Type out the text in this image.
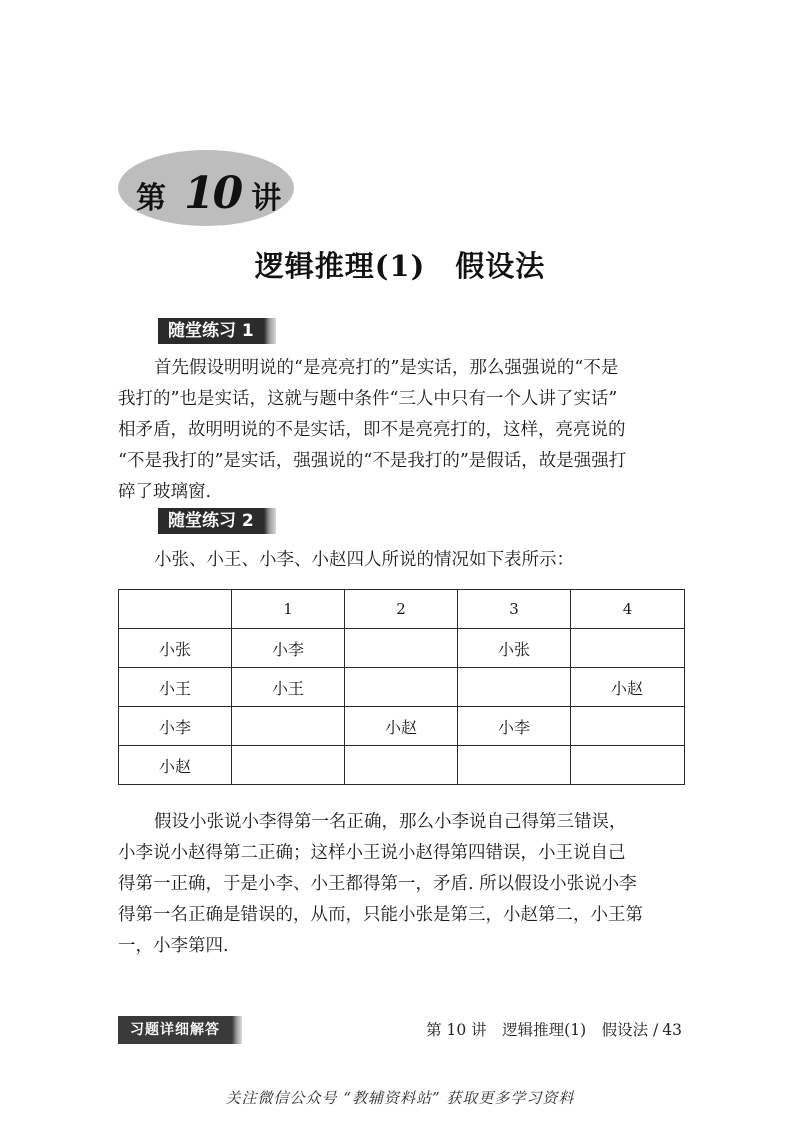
第 10 讲
逻辑推理(1)　假设法
随堂练习 1
首先假设明明说的“是亮亮打的”是实话，那么强强说的“不是
我打的”也是实话，这就与题中条件“三人中只有一个人讲了实话”
相矛盾，故明明说的不是实话，即不是亮亮打的，这样，亮亮说的
“不是我打的”是实话，强强说的“不是我打的”是假话，故是强强打
碎了玻璃窗.
随堂练习 2
小张、小王、小李、小赵四人所说的情况如下表所示：
	1	2	3	4
小张	小李		小张	
小王	小王			小赵
小李		小赵	小李	
小赵				
假设小张说小李得第一名正确，那么小李说自己得第三错误，
小李说小赵得第二正确；这样小王说小赵得第四错误，小王说自己
得第一正确，于是小李、小王都得第一，矛盾. 所以假设小张说小李
得第一名正确是错误的，从而，只能小张是第三，小赵第二，小王第
一，小李第四.
习题详细解答	第 10 讲　逻辑推理(1)　假设法 / 43
关注微信公众号 “教辅资料站” 获取更多学习资料
